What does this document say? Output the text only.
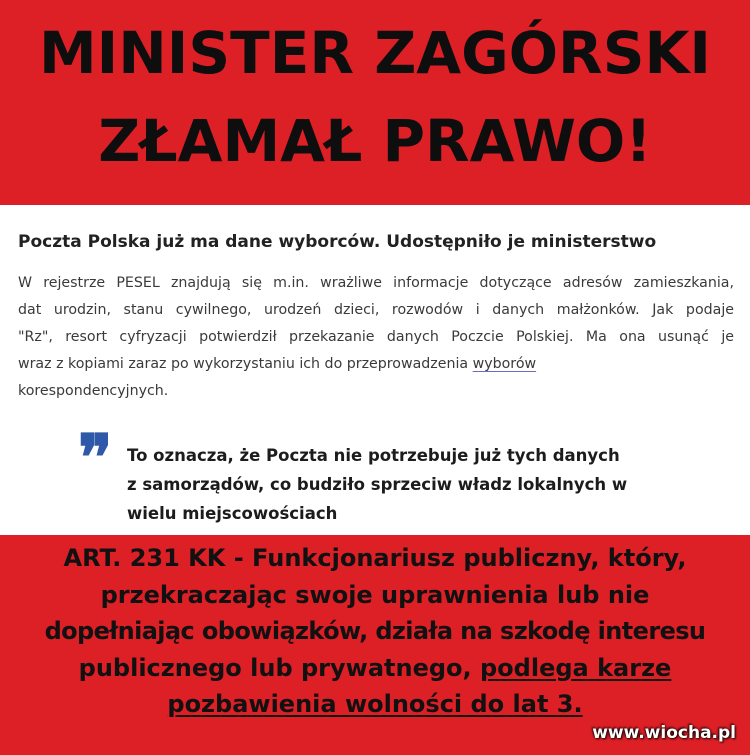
MINISTER ZAGÓRSKI
ZŁAMAŁ PRAWO!
Poczta Polska już ma dane wyborców. Udostępniło je ministerstwo
W rejestrze PESEL znajdują się m.in. wrażliwe informacje dotyczące adresów zamieszkania,
dat urodzin, stanu cywilnego, urodzeń dzieci, rozwodów i danych małżonków. Jak podaje
"Rz", resort cyfryzacji potwierdził przekazanie danych Poczcie Polskiej. Ma ona usunąć je
wraz z kopiami zaraz po wykorzystaniu ich do przeprowadzenia wyborów
korespondencyjnych.
❞ To oznacza, że Poczta nie potrzebuje już tych danych
z samorządów, co budziło sprzeciw władz lokalnych w
wielu miejscowościach
ART. 231 KK - Funkcjonariusz publiczny, który,
przekraczając swoje uprawnienia lub nie
dopełniając obowiązków, działa na szkodę interesu
publicznego lub prywatnego, podlega karze
pozbawienia wolności do lat 3.
www.wiocha.pl
